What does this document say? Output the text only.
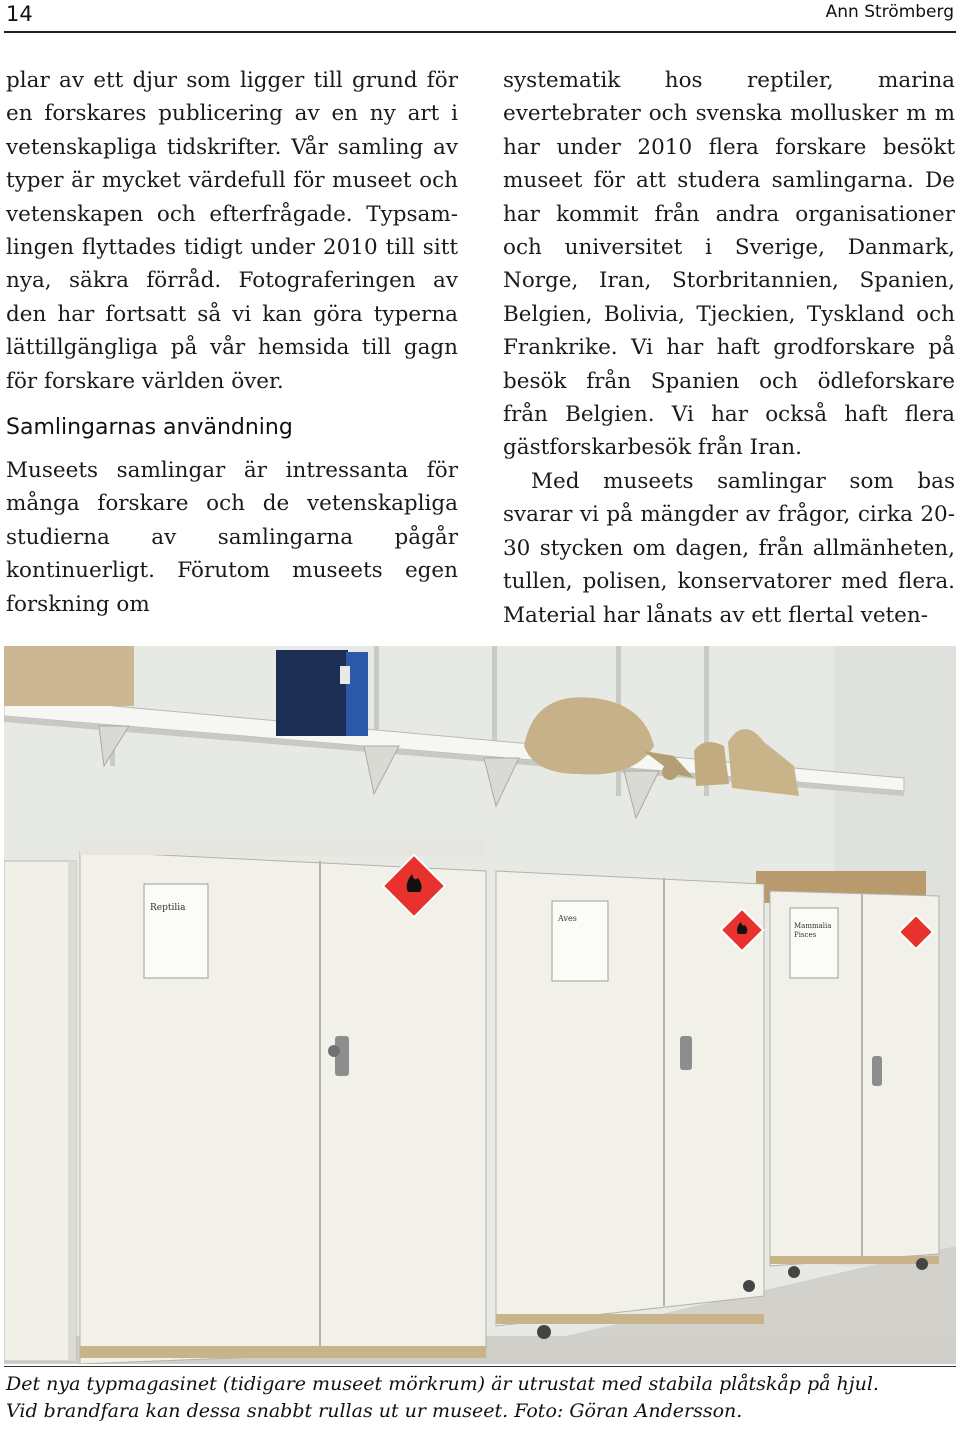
14	Ann Strömberg

plar av ett djur som ligger till grund för en forskares publicering av en ny art i vetenskapliga tidskrifter. Vår samling av typer är mycket värdefull för museet och vetenskapen och efterfrågade. Typsamlingen flyttades tidigt under 2010 till sitt nya, säkra förråd. Fotograferingen av den har fortsatt så vi kan göra typerna lättillgängliga på vår hemsida till gagn för forskare världen över.

Samlingarnas användning

Museets samlingar är intressanta för många forskare och de vetenskapliga studierna av samlingarna pågår kontinuerligt. Förutom museets egen forskning om

systematik hos reptiler, marina evertebrater och svenska mollusker m m har under 2010 flera forskare besökt museet för att studera samlingarna. De har kommit från andra organisationer och universitet i Sverige, Danmark, Norge, Iran, Storbritannien, Spanien, Belgien, Bolivia, Tjeckien, Tyskland och Frankrike. Vi har haft grodforskare på besök från Spanien och ödleforskare från Belgien. Vi har också haft flera gästforskarbesök från Iran.

Med museets samlingar som bas svarar vi på mängder av frågor, cirka 20-30 stycken om dagen, från allmänheten, tullen, polisen, konservatorer med flera. Material har lånats av ett flertal veten-

Reptilia
Aves
Mammalia Pisces
Det nya typmagasinet (tidigare museet mörkrum) är utrustat med stabila plåtskåp på hjul.
Vid brandfara kan dessa snabbt rullas ut ur museet. Foto: Göran Andersson.
